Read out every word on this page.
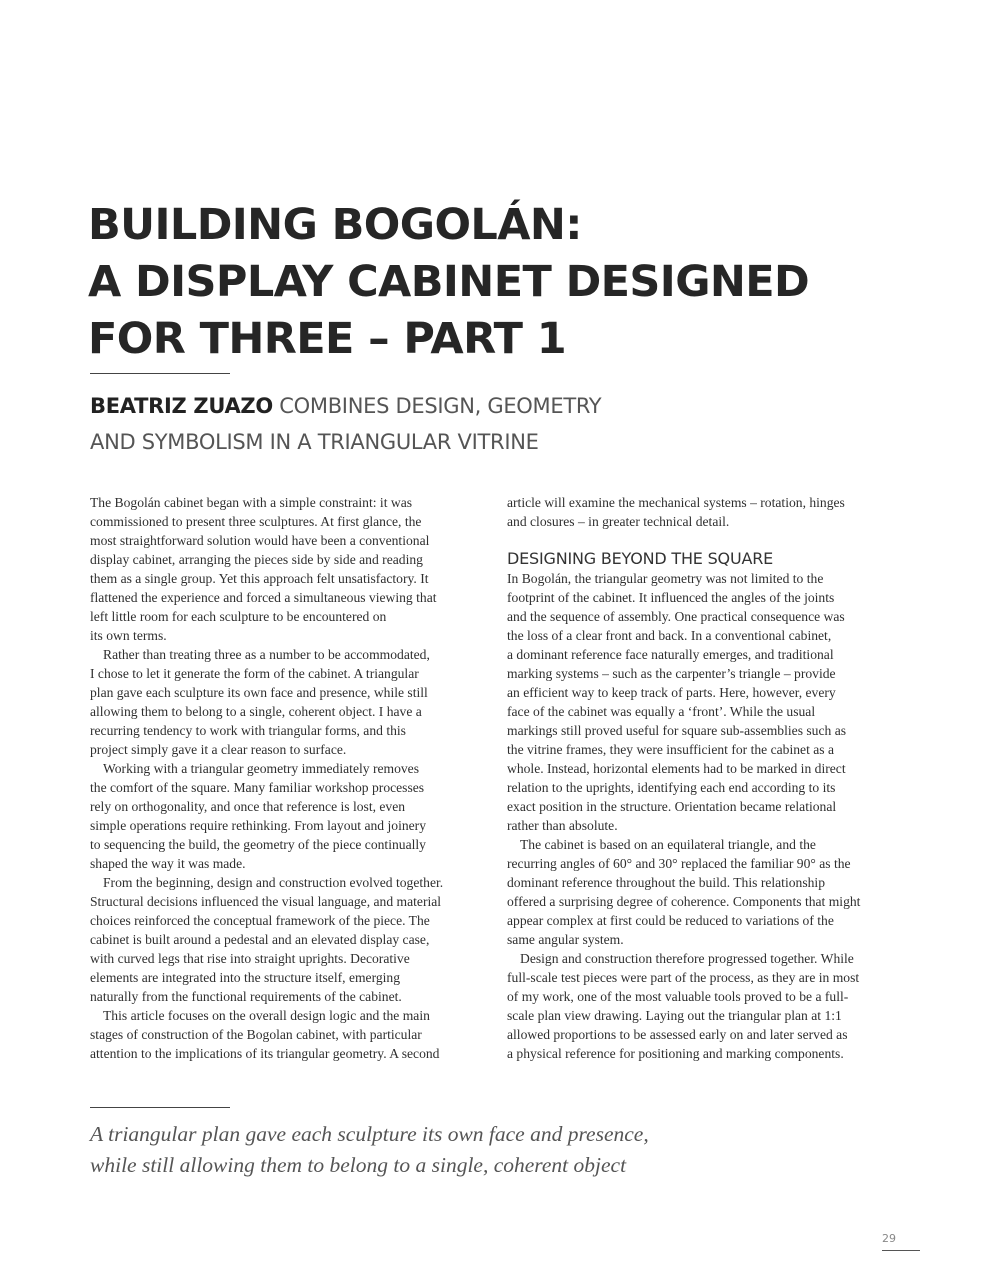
BUILDING BOGOLÁN:
A DISPLAY CABINET DESIGNED
FOR THREE – PART 1

BEATRIZ ZUAZO COMBINES DESIGN, GEOMETRY
AND SYMBOLISM IN A TRIANGULAR VITRINE

The Bogolán cabinet began with a simple constraint: it was
commissioned to present three sculptures. At first glance, the
most straightforward solution would have been a conventional
display cabinet, arranging the pieces side by side and reading
them as a single group. Yet this approach felt unsatisfactory. It
flattened the experience and forced a simultaneous viewing that
left little room for each sculpture to be encountered on
its own terms.
Rather than treating three as a number to be accommodated,
I chose to let it generate the form of the cabinet. A triangular
plan gave each sculpture its own face and presence, while still
allowing them to belong to a single, coherent object. I have a
recurring tendency to work with triangular forms, and this
project simply gave it a clear reason to surface.
Working with a triangular geometry immediately removes
the comfort of the square. Many familiar workshop processes
rely on orthogonality, and once that reference is lost, even
simple operations require rethinking. From layout and joinery
to sequencing the build, the geometry of the piece continually
shaped the way it was made.
From the beginning, design and construction evolved together.
Structural decisions influenced the visual language, and material
choices reinforced the conceptual framework of the piece. The
cabinet is built around a pedestal and an elevated display case,
with curved legs that rise into straight uprights. Decorative
elements are integrated into the structure itself, emerging
naturally from the functional requirements of the cabinet.
This article focuses on the overall design logic and the main
stages of construction of the Bogolan cabinet, with particular
attention to the implications of its triangular geometry. A second
article will examine the mechanical systems – rotation, hinges
and closures – in greater technical detail.
DESIGNING BEYOND THE SQUARE
In Bogolán, the triangular geometry was not limited to the
footprint of the cabinet. It influenced the angles of the joints
and the sequence of assembly. One practical consequence was
the loss of a clear front and back. In a conventional cabinet,
a dominant reference face naturally emerges, and traditional
marking systems – such as the carpenter’s triangle – provide
an efficient way to keep track of parts. Here, however, every
face of the cabinet was equally a ‘front’. While the usual
markings still proved useful for square sub-assemblies such as
the vitrine frames, they were insufficient for the cabinet as a
whole. Instead, horizontal elements had to be marked in direct
relation to the uprights, identifying each end according to its
exact position in the structure. Orientation became relational
rather than absolute.
The cabinet is based on an equilateral triangle, and the
recurring angles of 60° and 30° replaced the familiar 90° as the
dominant reference throughout the build. This relationship
offered a surprising degree of coherence. Components that might
appear complex at first could be reduced to variations of the
same angular system.
Design and construction therefore progressed together. While
full-scale test pieces were part of the process, as they are in most
of my work, one of the most valuable tools proved to be a full-
scale plan view drawing. Laying out the triangular plan at 1:1
allowed proportions to be assessed early on and later served as
a physical reference for positioning and marking components.

A triangular plan gave each sculpture its own face and presence,
while still allowing them to belong to a single, coherent object

29
